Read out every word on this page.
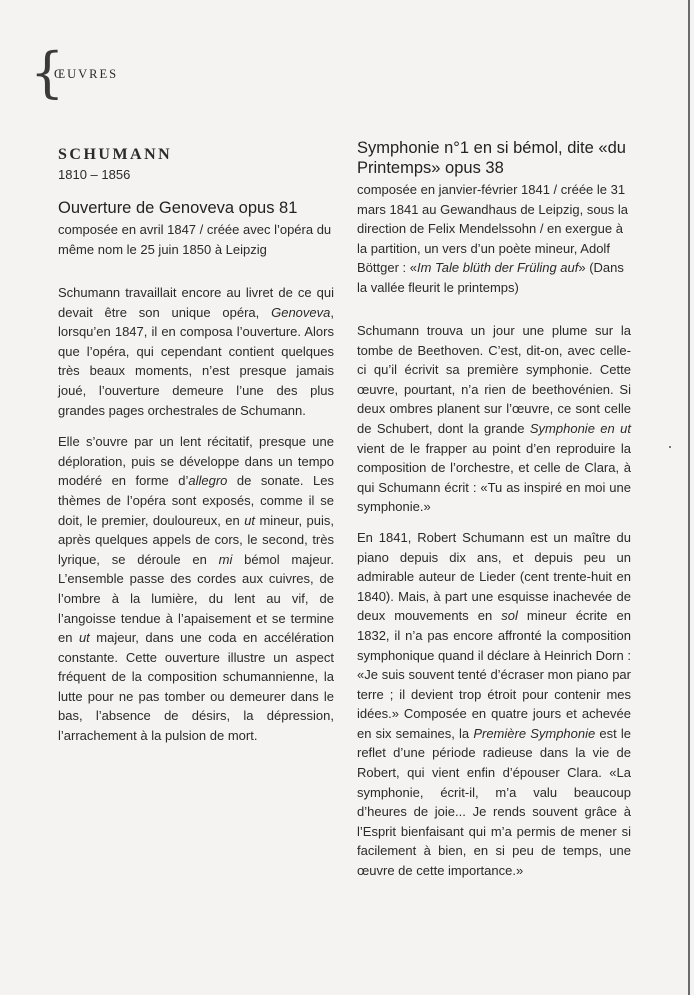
{
ŒUVRES
SCHUMANN
1810 – 1856
Ouverture de Genoveva opus 81
composée en avril 1847 / créée avec l’opéra du même nom le 25 juin 1850 à Leipzig

Schumann travaillait encore au livret de ce qui devait être son unique opéra, Genoveva, lorsqu’en 1847, il en composa l’ouverture. Alors que l’opéra, qui cependant contient quelques très beaux moments, n’est presque jamais joué, l’ouverture demeure l’une des plus grandes pages orchestrales de Schumann.

Elle s’ouvre par un lent récitatif, presque une déploration, puis se développe dans un tempo modéré en forme d’allegro de sonate. Les thèmes de l’opéra sont exposés, comme il se doit, le premier, douloureux, en ut mineur, puis, après quelques appels de cors, le second, très lyrique, se déroule en mi bémol majeur. L’ensemble passe des cordes aux cuivres, de l’ombre à la lumière, du lent au vif, de l’angoisse tendue à l’apaisement et se termine en ut majeur, dans une coda en accélération constante. Cette ouverture illustre un aspect fréquent de la composition schumannienne, la lutte pour ne pas tomber ou demeurer dans le bas, l’absence de désirs, la dépression, l’arrachement à la pulsion de mort.

Symphonie n°1 en si bémol, dite «du Printemps» opus 38
composée en janvier-février 1841 / créée le 31 mars 1841 au Gewandhaus de Leipzig, sous la direction de Felix Mendelssohn / en exergue à la partition, un vers d’un poète mineur, Adolf Böttger : «Im Tale blüth der Früling auf» (Dans la vallée fleurit le printemps)

Schumann trouva un jour une plume sur la tombe de Beethoven. C’est, dit-on, avec celle-ci qu’il écrivit sa première symphonie. Cette œuvre, pourtant, n’a rien de beethovénien. Si deux ombres planent sur l’œuvre, ce sont celle de Schubert, dont la grande Symphonie en ut vient de le frapper au point d’en reproduire la composition de l’orchestre, et celle de Clara, à qui Schumann écrit : «Tu as inspiré en moi une symphonie.»

En 1841, Robert Schumann est un maître du piano depuis dix ans, et depuis peu un admirable auteur de Lieder (cent trente-huit en 1840). Mais, à part une esquisse inachevée de deux mouvements en sol mineur écrite en 1832, il n’a pas encore affronté la composition symphonique quand il déclare à Heinrich Dorn : «Je suis souvent tenté d’écraser mon piano par terre ; il devient trop étroit pour contenir mes idées.» Composée en quatre jours et achevée en six semaines, la Première Symphonie est le reflet d’une période radieuse dans la vie de Robert, qui vient enfin d’épouser Clara. «La symphonie, écrit-il, m’a valu beaucoup d’heures de joie... Je rends souvent grâce à l’Esprit bienfaisant qui m’a permis de mener si facilement à bien, en si peu de temps, une œuvre de cette importance.»
